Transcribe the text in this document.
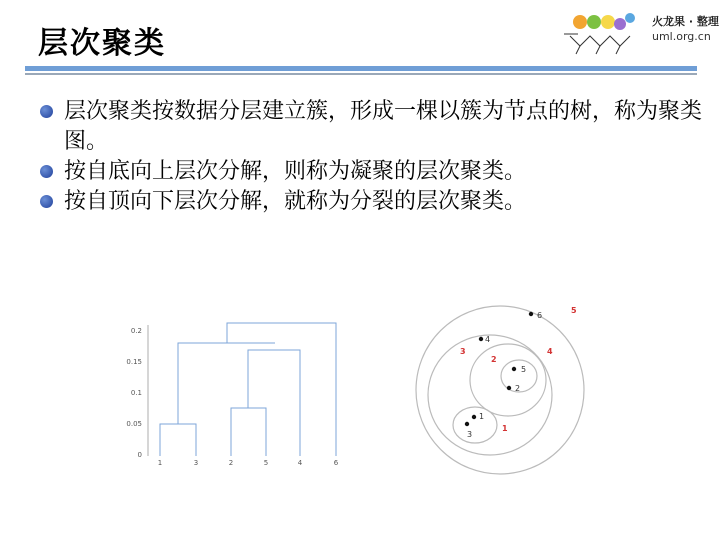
层次聚类
火龙果 · 整理
uml.org.cn
层次聚类按数据分层建立簇，形成一棵以簇为节点的树，称为聚类图。
按自底向上层次分解，则称为凝聚的层次聚类。
按自顶向下层次分解，就称为分裂的层次聚类。
0.2
0.15
0.1
0.05
0
1	3	2	5	4	6
6
4
5
2
1
3
5
3	4
2
1
